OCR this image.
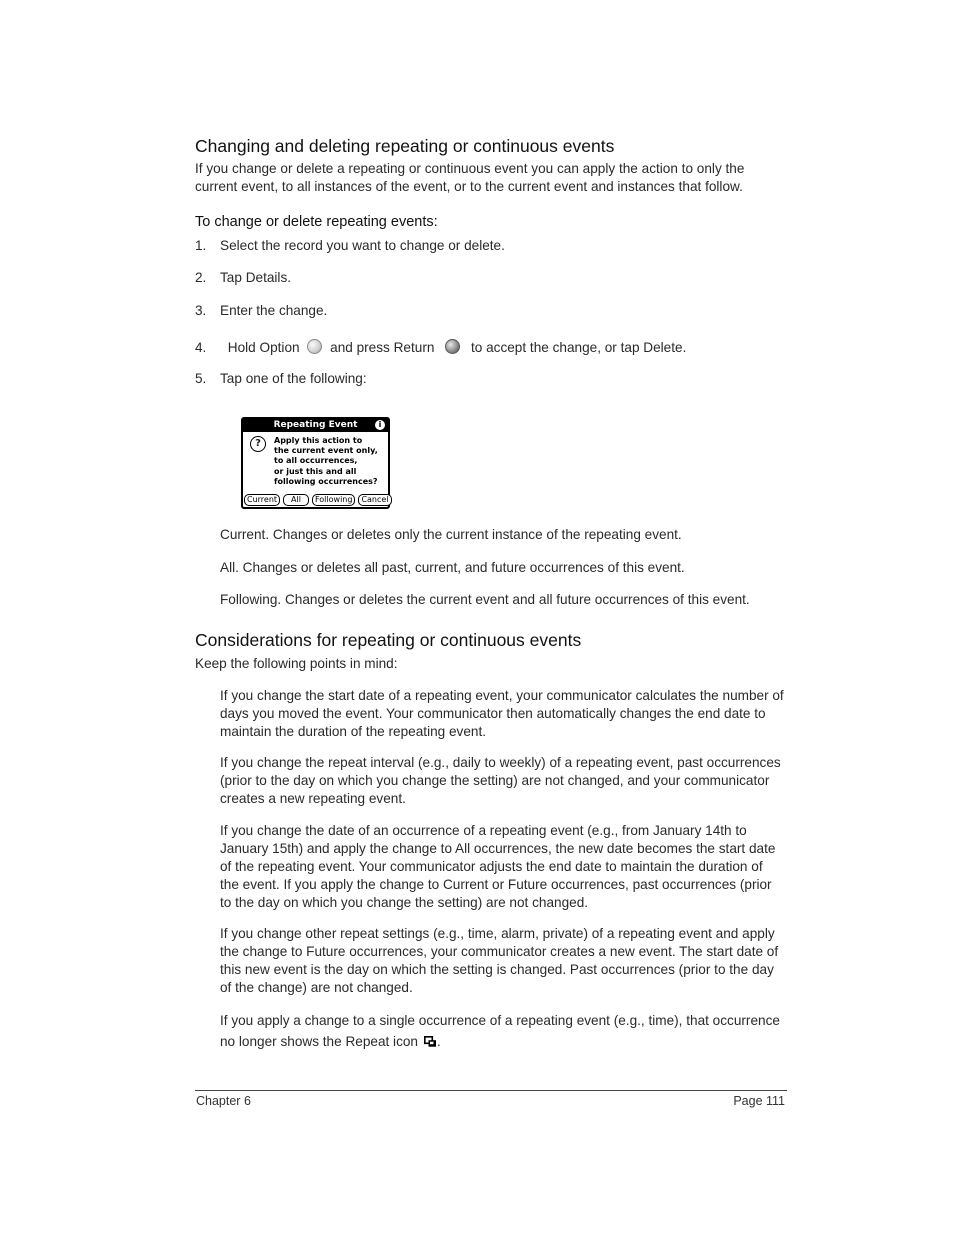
Changing and deleting repeating or continuous events

If you change or delete a repeating or continuous event you can apply the action to only the current event, to all instances of the event, or to the current event and instances that follow.

To change or delete repeating events:
1. Select the record you want to change or delete.
2. Tap Details.
3. Enter the change.
4. Hold Option and press Return	to accept the change, or tap Delete.
5. Tap one of the following:
Repeating Event	i
?	Apply this action to
the current event only,
to all occurrences,
or just this and all
following occurrences?
Current	All	Following	Cancel

Current. Changes or deletes only the current instance of the repeating event.

All. Changes or deletes all past, current, and future occurrences of this event.

Following. Changes or deletes the current event and all future occurrences of this event.

Considerations for repeating or continuous events

Keep the following points in mind:

If you change the start date of a repeating event, your communicator calculates the number of days you moved the event. Your communicator then automatically changes the end date to maintain the duration of the repeating event.

If you change the repeat interval (e.g., daily to weekly) of a repeating event, past occurrences (prior to the day on which you change the setting) are not changed, and your communicator creates a new repeating event.

If you change the date of an occurrence of a repeating event (e.g., from January 14th to January 15th) and apply the change to All occurrences, the new date becomes the start date of the repeating event. Your communicator adjusts the end date to maintain the duration of the event. If you apply the change to Current or Future occurrences, past occurrences (prior to the day on which you change the setting) are not changed.

If you change other repeat settings (e.g., time, alarm, private) of a repeating event and apply the change to Future occurrences, your communicator creates a new event. The start date of this new event is the day on which the setting is changed. Past occurrences (prior to the day of the change) are not changed.

If you apply a change to a single occurrence of a repeating event (e.g., time), that occurrence no longer shows the Repeat icon .

Chapter 6	Page 111
